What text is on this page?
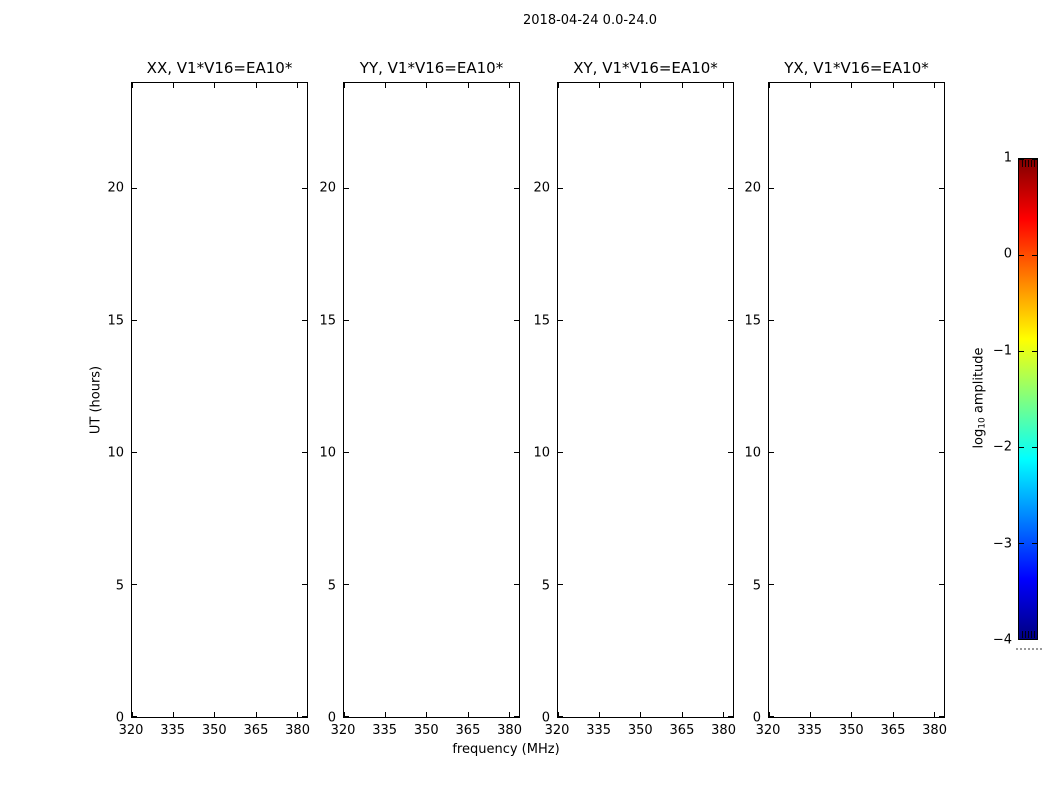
2018-04-24 0.0-24.0
UT (hours)
frequency (MHz)
XX, V1*V16=EA10*
20
15
10
5
0
320 335 350 365 380
YY, V1*V16=EA10*
20
15
10
5
0
320 335 350 365 380
XY, V1*V16=EA10*
20
15
10
5
0
320 335 350 365 380
YX, V1*V16=EA10*
20
15
10
5
0
320 335 350 365 380
$\log_{10}$ amplitude
1
0
−1
−2
−3
−4
